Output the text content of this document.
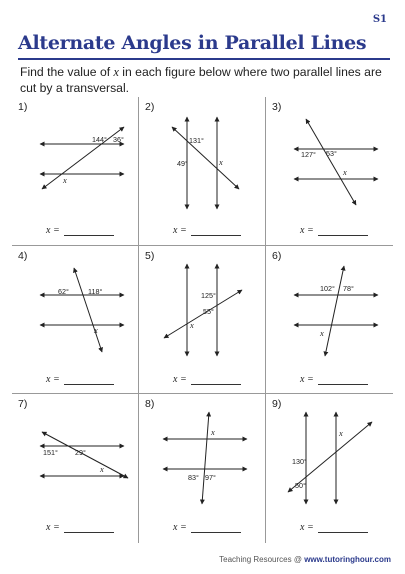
S1
Alternate Angles in Parallel Lines
Find the value of x in each figure below where two parallel lines are cut by a transversal.
1)
144° 36°
x
x =
2)
131°
49°	x
x =
3)
127° 53°
x
x =
4)
62°	118°
x
x =
5)
125°
55°
x
x =
6)
102° 78°
x
x =
7)
151° 29°
x
x =
8)
x
83° 97°
x =
9)
x
130°
50°
x =
Teaching Resources @ www.tutoringhour.com
